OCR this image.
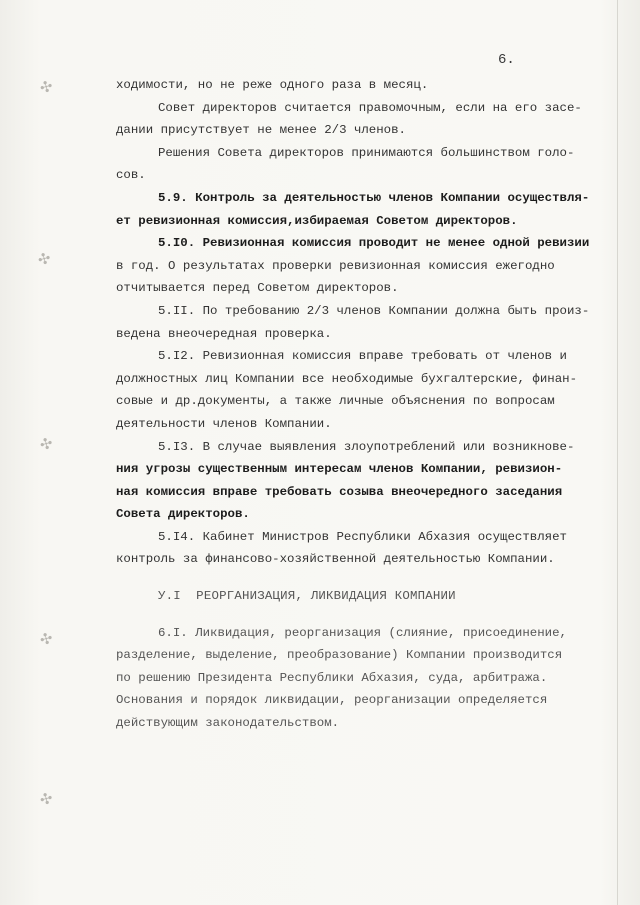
✣
✣
✣
✣
✣
6.
ходимости, но не реже одного раза в месяц.
Совет директоров считается правомочным, если на его засе-
дании присутствует не менее 2/3 членов.
Решения Совета директоров принимаются большинством голо-
сов.
5.9. Контроль за деятельностью членов Компании осуществля-
ет ревизионная комиссия,избираемая Советом директоров.
5.I0. Ревизионная комиссия проводит не менее одной ревизии
в год. О результатах проверки ревизионная комиссия ежегодно
отчитывается перед Советом директоров.
5.II. По требованию 2/3 членов Компании должна быть произ-
ведена внеочередная проверка.
5.I2. Ревизионная комиссия вправе требовать от членов и
должностных лиц Компании все необходимые бухгалтерские, финан-
совые и др.документы, а также личные объяснения по вопросам
деятельности членов Компании.
5.I3. В случае выявления злоупотреблений или возникнове-
ния угрозы существенным интересам членов Компании, ревизион-
ная комиссия вправе требовать созыва внеочередного заседания
Совета директоров.
5.I4. Кабинет Министров Республики Абхазия осуществляет
контроль за финансово-хозяйственной деятельностью Компании.
У.I  РЕОРГАНИЗАЦИЯ, ЛИКВИДАЦИЯ КОМПАНИИ
6.I. Ликвидация, реорганизация (слияние, присоединение,
разделение, выделение, преобразование) Компании производится
по решению Президента Республики Абхазия, суда, арбитража.
Основания и порядок ликвидации, реорганизации определяется
действующим законодательством.
